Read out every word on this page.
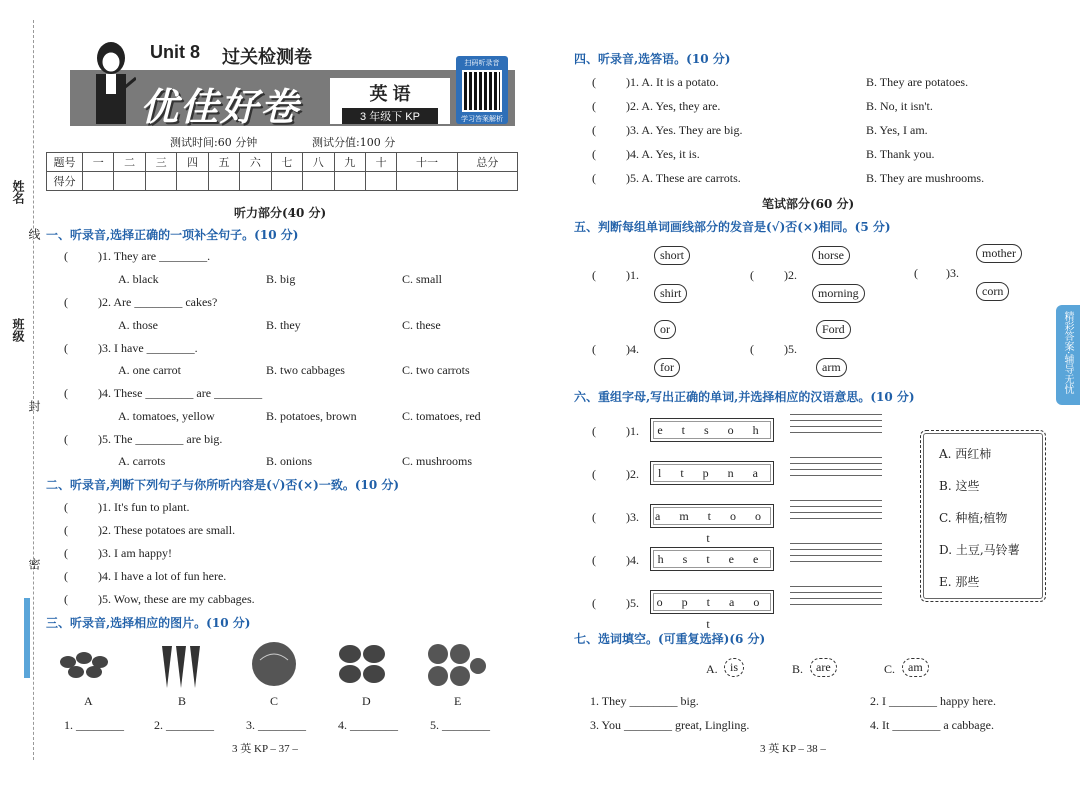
姓名
线
班级
封
密
Unit 8 过关检测卷
优佳好卷	英 语
3 年级下 KP
扫码听录音
学习答案解析
测试时间:60 分钟	测试分值:100 分
题号	一	二	三	四	五	六	七	八	九	十	十一	总分
得分												
听力部分(40 分)
一、听录音,选择正确的一项补全句子。(10 分)
(	)1. They are ________.
A. black	B. big	C. small
(	)2. Are ________ cakes?
A. those	B. they	C. these
(	)3. I have ________.
A. one carrot	B. two cabbages	C. two carrots
(	)4. These ________ are ________
A. tomatoes, yellow	B. potatoes, brown	C. tomatoes, red
(	)5. The ________ are big.
A. carrots	B. onions	C. mushrooms
二、听录音,判断下列句子与你所听内容是(√)否(×)一致。(10 分)
(	)1. It's fun to plant.
(	)2. These potatoes are small.
(	)3. I am happy!
(	)4. I have a lot of fun here.
(	)5. Wow, these are my cabbages.
三、听录音,选择相应的图片。(10 分)
A	B	C	D	E
1. ________	2. ________	3. ________	4. ________	5. ________
3 英 KP – 37 –
四、听录音,选答语。(10 分)
(	)1. A. It is a potato.	B. They are potatoes.
(	)2. A. Yes, they are.	B. No, it isn't.
(	)3. A. Yes. They are big.	B. Yes, I am.
(	)4. A. Yes, it is.	B. Thank you.
(	)5. A. These are carrots.	B. They are mushrooms.
笔试部分(60 分)
五、判断每组单词画线部分的发音是(√)否(×)相同。(5 分)
(	)1.
short
shirt
(	)2.
horse
morning
( )3.
mother
corn
(	)4.
or
for
(	)5.
Ford
arm
六、重组字母,写出正确的单词,并选择相应的汉语意思。(10 分)
(	)1.	e t s o h
(	)2.	l t p n a
(	)3.	a m t o o t
(	)4.	h s t e e
(	)5.	o p t a o t
A. 西红柿
B. 这些
C. 种植;植物
D. 土豆,马铃薯
E. 那些
七、选词填空。(可重复选择)(6 分)
A.	is	B.	are	C.	am
1. They ________ big.	2. I ________ happy here.
3. You ________ great, Lingling.	4. It ________ a cabbage.
3 英 KP – 38 –
精彩答案·辅导无忧
